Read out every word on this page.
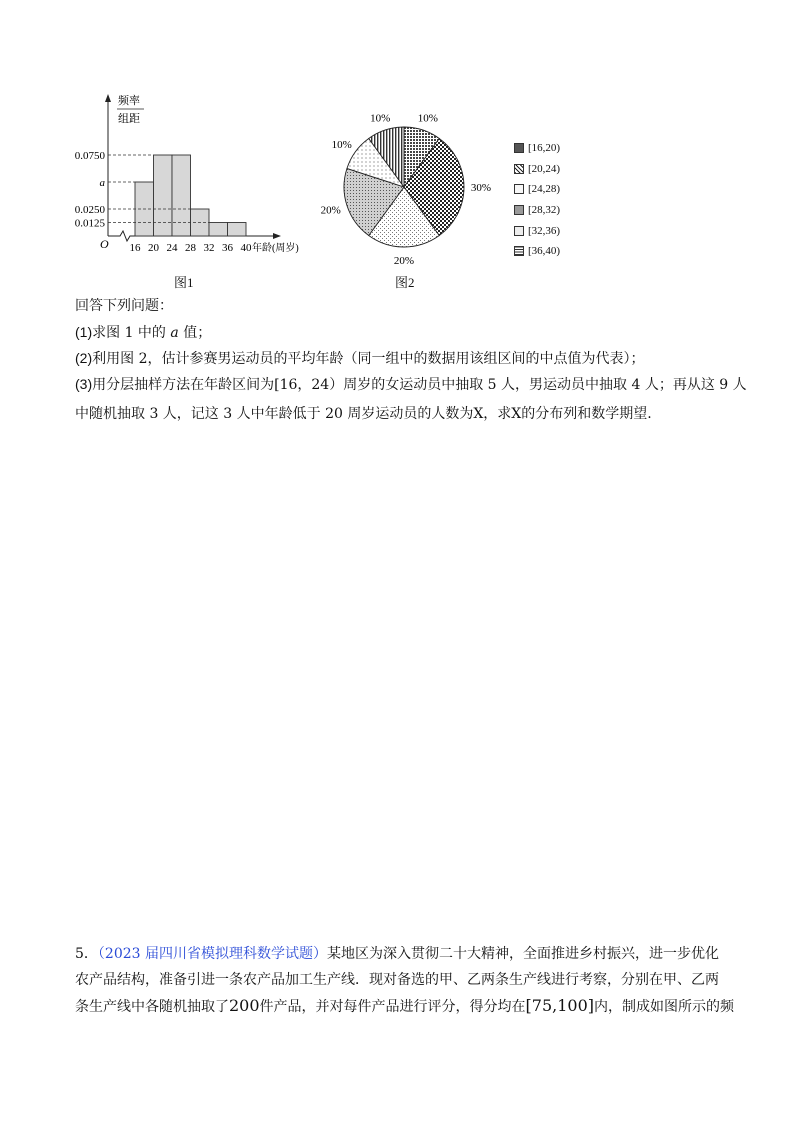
频率
组距
O	年龄(周岁)
0.0750
a
0.0250
0.0125
16 20 24 28 32 36 40
图1
10%
30%
20%
20%
10%
10%
图2
[16,20)
[20,24)
[24,28)
[28,32)
[32,36)
[36,40)
回答下列问题：
(1)求图 1 中的 a 值；
(2)利用图 2，估计参赛男运动员的平均年龄（同一组中的数据用该组区间的中点值为代表）；
(3)用分层抽样方法在年龄区间为[16，24）周岁的女运动员中抽取 5 人，男运动员中抽取 4 人；再从这 9 人
中随机抽取 3 人，记这 3 人中年龄低于 20 周岁运动员的人数为X，求X的分布列和数学期望.
5．（2023 届四川省模拟理科数学试题）某地区为深入贯彻二十大精神，全面推进乡村振兴，进一步优化
农产品结构，准备引进一条农产品加工生产线．现对备选的甲、乙两条生产线进行考察，分别在甲、乙两
条生产线中各随机抽取了200件产品，并对每件产品进行评分，得分均在[75,100]内，制成如图所示的频
